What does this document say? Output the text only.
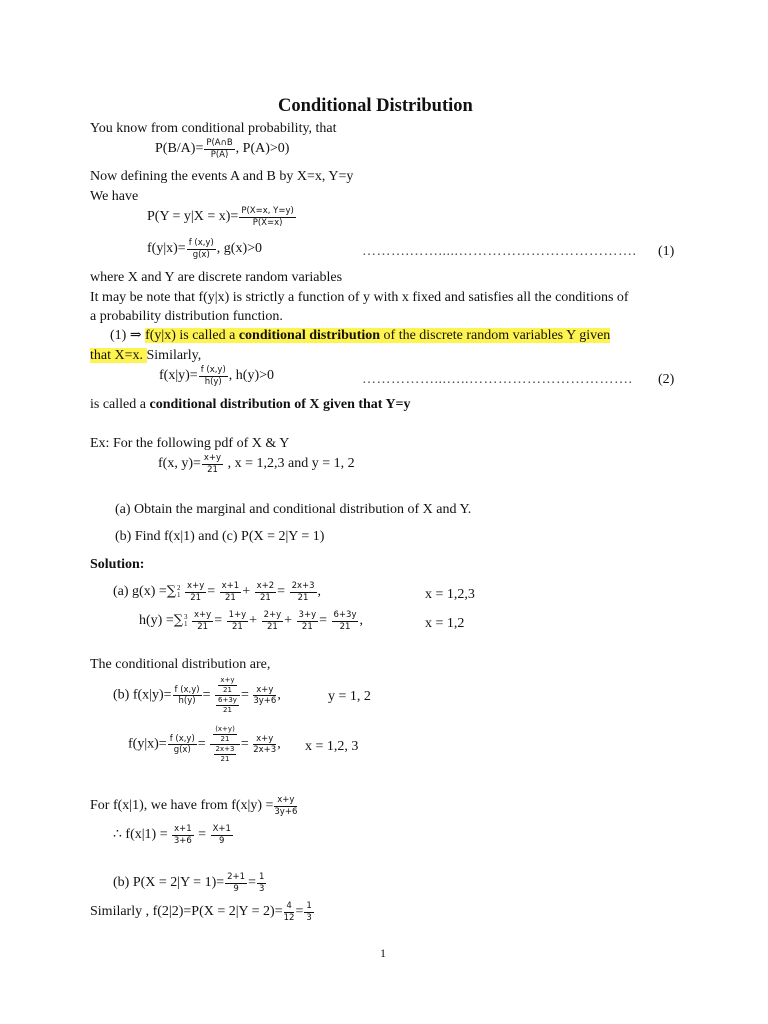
Conditional Distribution
You know from conditional probability, that
$P(B/A)= \frac{P(A\cap B}{P(A)}$ , P(A)>0)
Now defining the events A and B by X=x, Y=y
We have
$P(Y = y|X = x)= \frac{P(X=x, Y=y)}{P(X=x)}$
$f(y|x)= \frac{f (x,y)}{g(x)}$ , g(x)>0	……….…….....………………………………. (1)
where X and Y are discrete random variables
It may be note that f(y|x) is strictly a function of y with x fixed and satisfies all the conditions of
a probability distribution function.
(1) ⇒ f(y|x) is called a conditional distribution of the discrete random variables Y given
that X=x. Similarly,
$f(x|y)= \frac{f (x,y)}{h(y)}$ , h(y)>0	……………...…..……………………………. (2)
is called a conditional distribution of X given that Y=y
Ex: For the following pdf of X & Y
f(x, $y)= \frac{x+y}{21}$ , x = 1,2,3 and y = 1, 2
(a) Obtain the marginal and conditional distribution of X and Y.
(b) Find f(x|1) and (c) P(X = 2|Y = 1)
Solution:
(a) g(x) =∑ 2
1
$\frac{x+y}{21} = \frac{x+1}{21} + \frac{x+2}{21} = \frac{2x+3}{21}$ ,	x = 1,2,3
h(y) =∑ 3
1
$\frac{x+y}{21} = \frac{1+y}{21} + \frac{2+y}{21} + \frac{3+y}{21} = \frac{6+3y}{21}$ ,	x = 1,2
The conditional distribution are,
(b) $f(x|y)= \frac{f (x,y)}{h(y)} = \frac{\frac{x+y}{21}}{\frac{6+3y}{21}} = \frac{x+y}{3y+6}$ ,	y = 1, 2
$f(y|x)= \frac{f (x,y)}{g(x)} = \frac{\frac{(x+y)}{21}}{\frac{2x+3}{21}} = \frac{x+y}{2x+3}$ , x = 1,2, 3
For f(x|1), we have from $f(x|y) = \frac{x+y}{3y+6}$
∴ $f(x|1) = \frac{x+1}{3+6} = \frac{X+1}{9}$
(b) $P(X = 2|Y = 1)= \frac{2+1}{9} = \frac{1}{3}$
Similarly , $f(2|2)=P(X = 2|Y = 2)= \frac{4}{12} = \frac{1}{3}$
1
